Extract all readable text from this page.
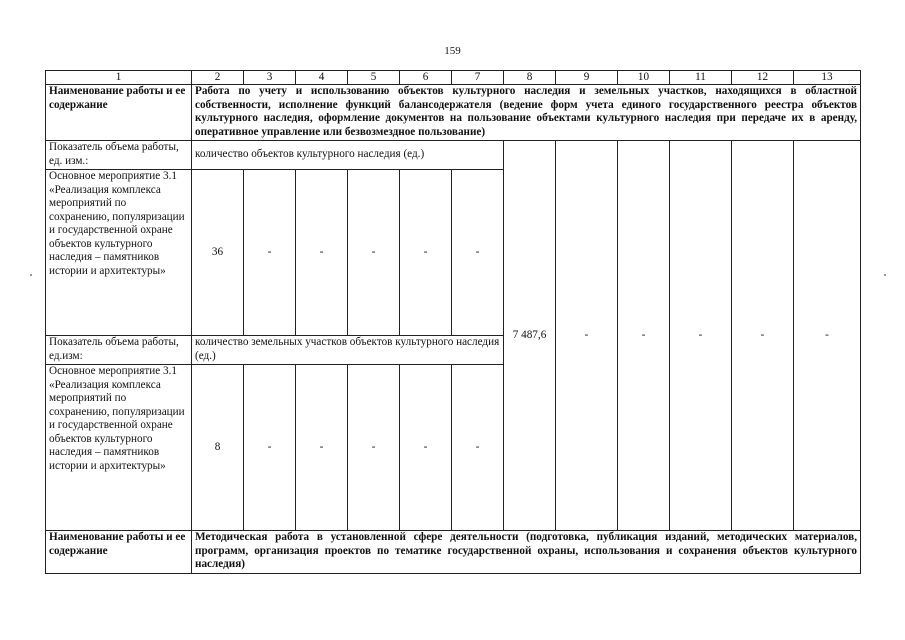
159
1	2	3	4	5	6	7	8	9	10	11	12	13
Наименование работы и ее содержание	Работа по учету и использованию объектов культурного наследия и земельных участков, находящихся в областной собственности, исполнение функций балансодержателя (ведение форм учета единого государственного реестра объектов культурного наследия, оформление документов на пользование объектами культурного наследия при передаче их в аренду, оперативное управление или безвозмездное пользование)											
Показатель объема работы, ед. изм.:	количество объектов культурного наследия (ед.)						7 487,6	-	-	-	-	-
Основное мероприятие 3.1 «Реализация комплекса мероприятий по сохранению, популяризации и государственной охране объектов культурного наследия – памятников истории и архитектуры»	36	-	-	-	-	-						
Показатель объема работы, ед.изм:	количество земельных участков объектов культурного наследия (ед.)											
Основное мероприятие 3.1 «Реализация комплекса мероприятий по сохранению, популяризации и государственной охране объектов культурного наследия – памятников истории и архитектуры»	8	-	-	-	-	-						
Наименование работы и ее содержание	Методическая работа в установленной сфере деятельности (подготовка, публикация изданий, методических материалов, программ, организация проектов по тематике государственной охраны, использования и сохранения объектов культурного наследия)											
